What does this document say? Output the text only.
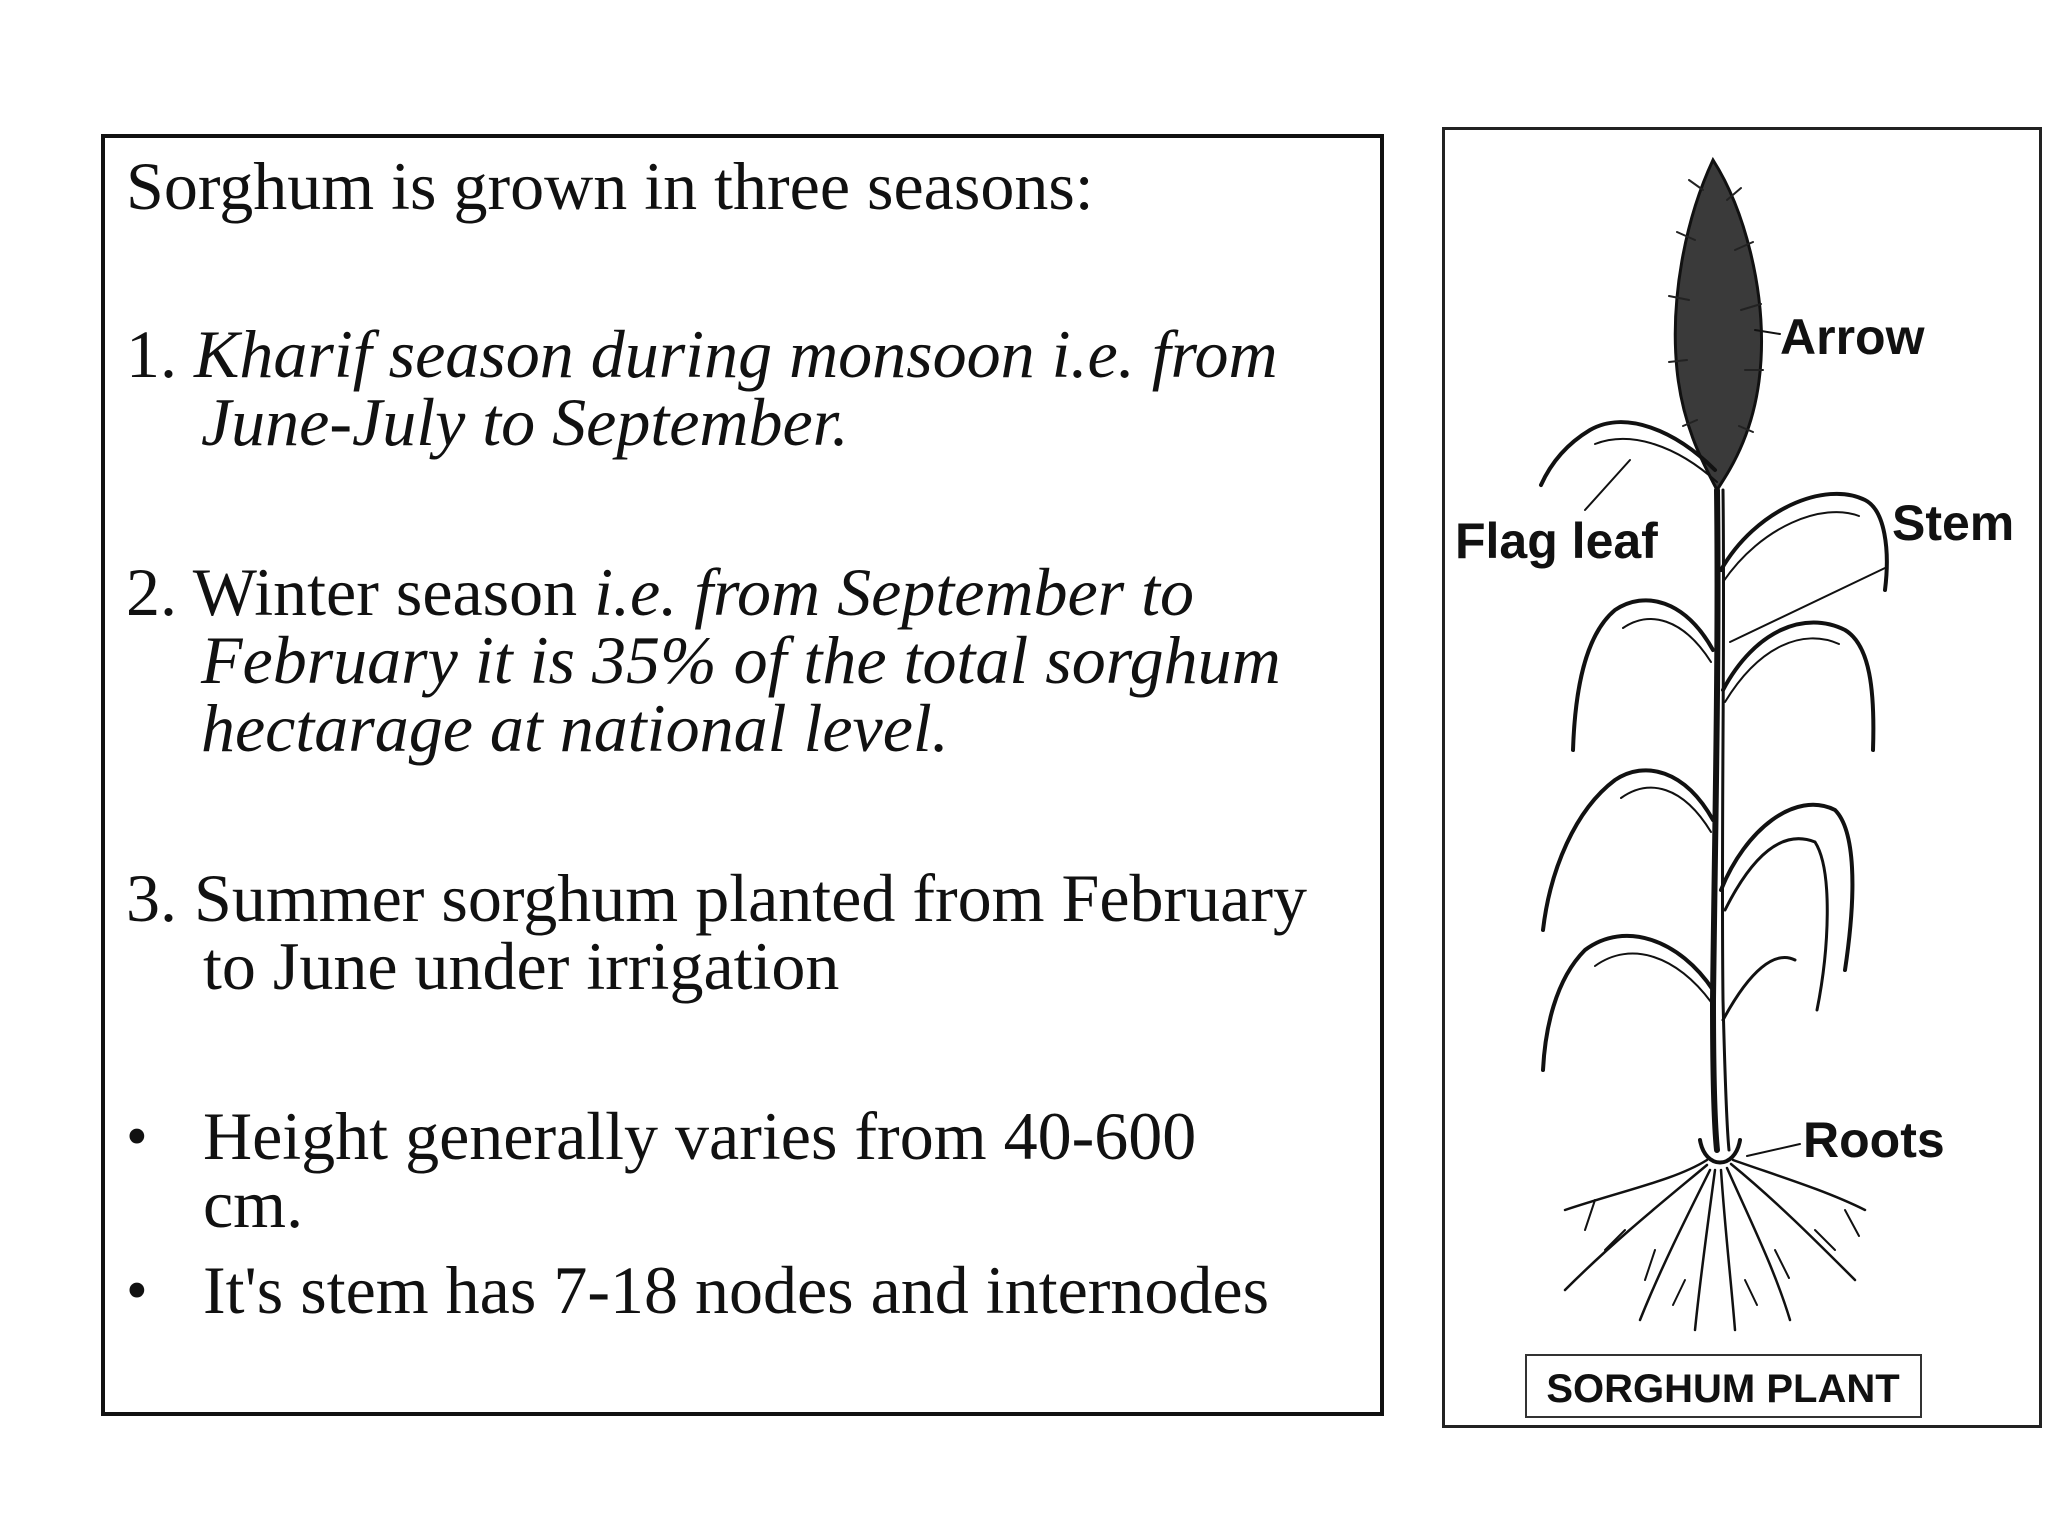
Sorghum is grown in three seasons:
1. Kharif season during monsoon i.e. from
June-July to September.
2. Winter season i.e. from September to
February it is 35% of the total sorghum
hectarage at national level.
3. Summer sorghum planted from February
to June under irrigation
• Height generally varies from 40-600
cm.
• It's stem has 7-18 nodes and internodes
Arrow
Flag leaf	Stem
Roots
SORGHUM PLANT
